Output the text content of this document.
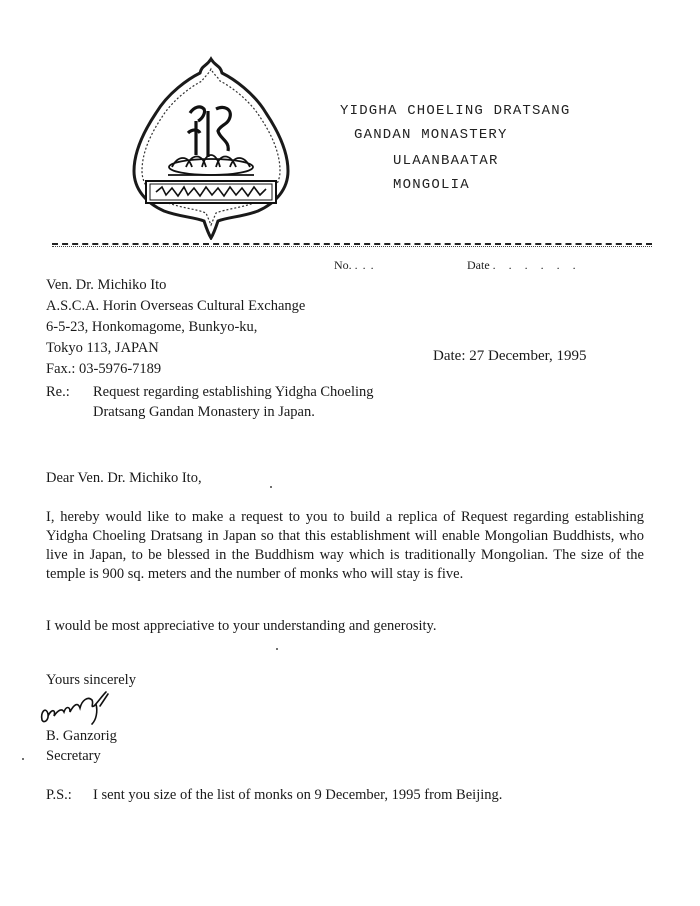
YIDGHA CHOELING DRATSANG
GANDAN MONASTERY
ULAANBAATAR
MONGOLIA
No. ...	Date . . . . . .
Ven. Dr. Michiko Ito
A.S.C.A. Horin Overseas Cultural Exchange
6-5-23, Honkomagome, Bunkyo-ku,
Tokyo 113, JAPAN
Fax.: 03-5976-7189
Date: 27 December, 1995
Re.: Request regarding establishing Yidgha Choeling
Dratsang Gandan Monastery in Japan.
Dear Ven. Dr. Michiko Ito,
I, hereby would like to make a request to you to build a replica of Request regarding establishing Yidgha Choeling Dratsang in Japan so that this establishment will enable Mongolian Buddhists, who live in Japan, to be blessed in the Buddhism way which is traditionally Mongolian. The size of the temple is 900 sq. meters and the number of monks who will stay is five.
I would be most appreciative to your understanding and generosity.
Yours sincerely
B. Ganzorig
Secretary
P.S.: I sent you size of the list of monks on 9 December, 1995 from Beijing.
